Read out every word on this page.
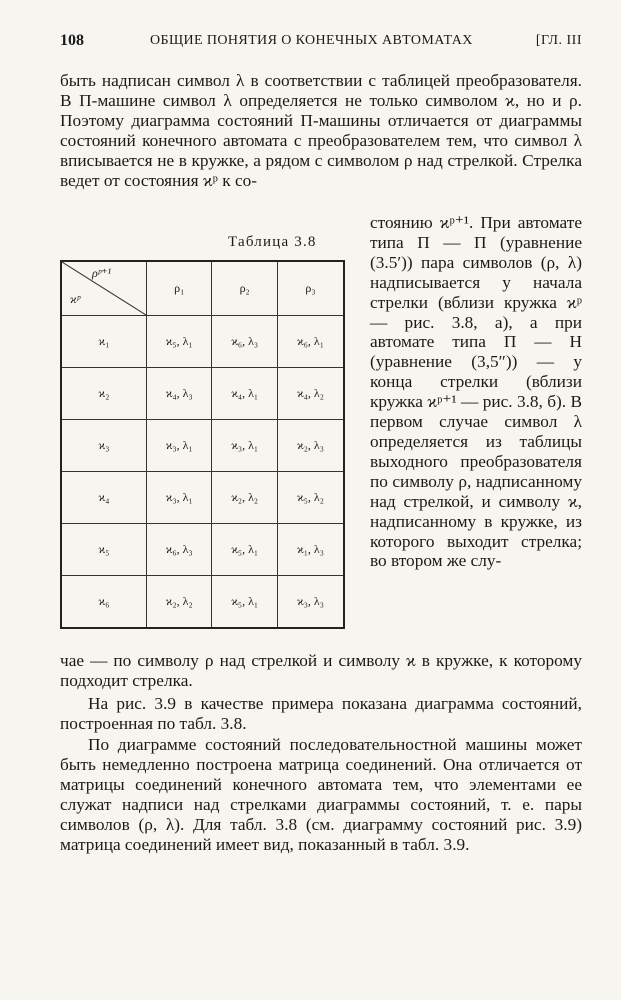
108	ОБЩИЕ ПОНЯТИЯ О КОНЕЧНЫХ АВТОМАТАХ	[ГЛ. III

быть надписан символ λ в соответствии с таблицей преобразователя. В П-машине символ λ определяется не только символом ϰ, но и ρ. Поэтому диаграмма состояний П-машины отличается от диаграммы состояний конечного автомата с преобразователем тем, что символ λ вписывается не в кружке, а рядом с символом ρ над стрелкой. Стрелка ведет от состояния ϰᵖ к со-

Таблица 3.8
ρᵖ⁺¹
ϰᵖ	ρ₁	ρ₂	ρ₃
ϰ₁	ϰ₅, λ₁	ϰ₆, λ₃	ϰ₆, λ₁
ϰ₂	ϰ₄, λ₃	ϰ₄, λ₁	ϰ₄, λ₂
ϰ₃	ϰ₃, λ₁	ϰ₃, λ₁	ϰ₂, λ₃
ϰ₄	ϰ₃, λ₁	ϰ₂, λ₂	ϰ₅, λ₂
ϰ₅	ϰ₆, λ₃	ϰ₅, λ₁	ϰ₁, λ₃
ϰ₆	ϰ₂, λ₂	ϰ₅, λ₁	ϰ₃, λ₃

стоянию ϰᵖ⁺¹. При автомате типа П — П (уравнение (3.5′)) пара символов (ρ, λ) надписывается у начала стрелки (вблизи кружка ϰᵖ — рис. 3.8, а), а при автомате типа П — Н (уравнение (3,5″)) — у конца стрелки (вблизи кружка ϰᵖ⁺¹ — рис. 3.8, б). В первом случае символ λ определяется из таблицы выходного преобразователя по символу ρ, надписанному над стрелкой, и символу ϰ, надписанному в кружке, из которого выходит стрелка; во втором же слу-

чае — по символу ρ над стрелкой и символу ϰ в кружке, к которому подходит стрелка.

На рис. 3.9 в качестве примера показана диаграмма состояний, построенная по табл. 3.8.

По диаграмме состояний последовательностной машины может быть немедленно построена матрица соединений. Она отличается от матрицы соединений конечного автомата тем, что элементами ее служат надписи над стрелками диаграммы состояний, т. е. пары символов (ρ, λ). Для табл. 3.8 (см. диаграмму состояний рис. 3.9) матрица соединений имеет вид, показанный в табл. 3.9.
